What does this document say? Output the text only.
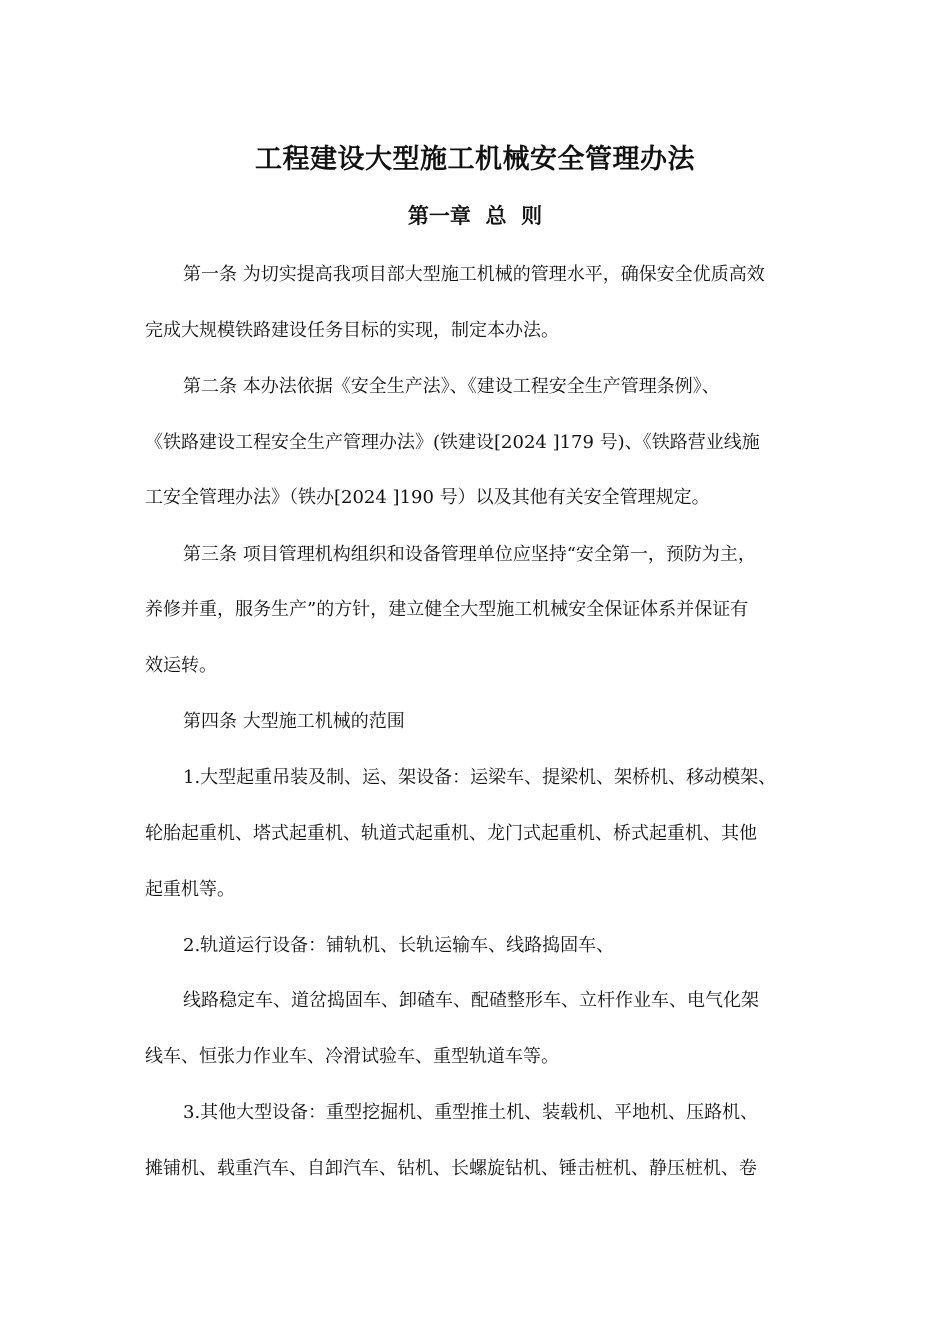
工程建设大型施工机械安全管理办法
第一章  总  则

第一条 为切实提高我项目部大型施工机械的管理水平，确保安全优质高效

完成大规模铁路建设任务目标的实现，制定本办法。

第二条 本办法依据《安全生产法》、《建设工程安全生产管理条例》、

《铁路建设工程安全生产管理办法》(铁建设[2024 ]179 号)、《铁路营业线施

工安全管理办法》（铁办[2024 ]190 号）以及其他有关安全管理规定。

第三条 项目管理机构组织和设备管理单位应坚持“安全第一，预防为主，

养修并重，服务生产”的方针，建立健全大型施工机械安全保证体系并保证有

效运转。

第四条 大型施工机械的范围

1.大型起重吊装及制、运、架设备：运梁车、提梁机、架桥机、移动模架、

轮胎起重机、塔式起重机、轨道式起重机、龙门式起重机、桥式起重机、其他

起重机等。

2.轨道运行设备：铺轨机、长轨运输车、线路捣固车、

线路稳定车、道岔捣固车、卸碴车、配碴整形车、立杆作业车、电气化架

线车、恒张力作业车、冷滑试验车、重型轨道车等。

3.其他大型设备：重型挖掘机、重型推土机、装载机、平地机、压路机、

摊铺机、载重汽车、自卸汽车、钻机、长螺旋钻机、锤击桩机、静压桩机、卷
